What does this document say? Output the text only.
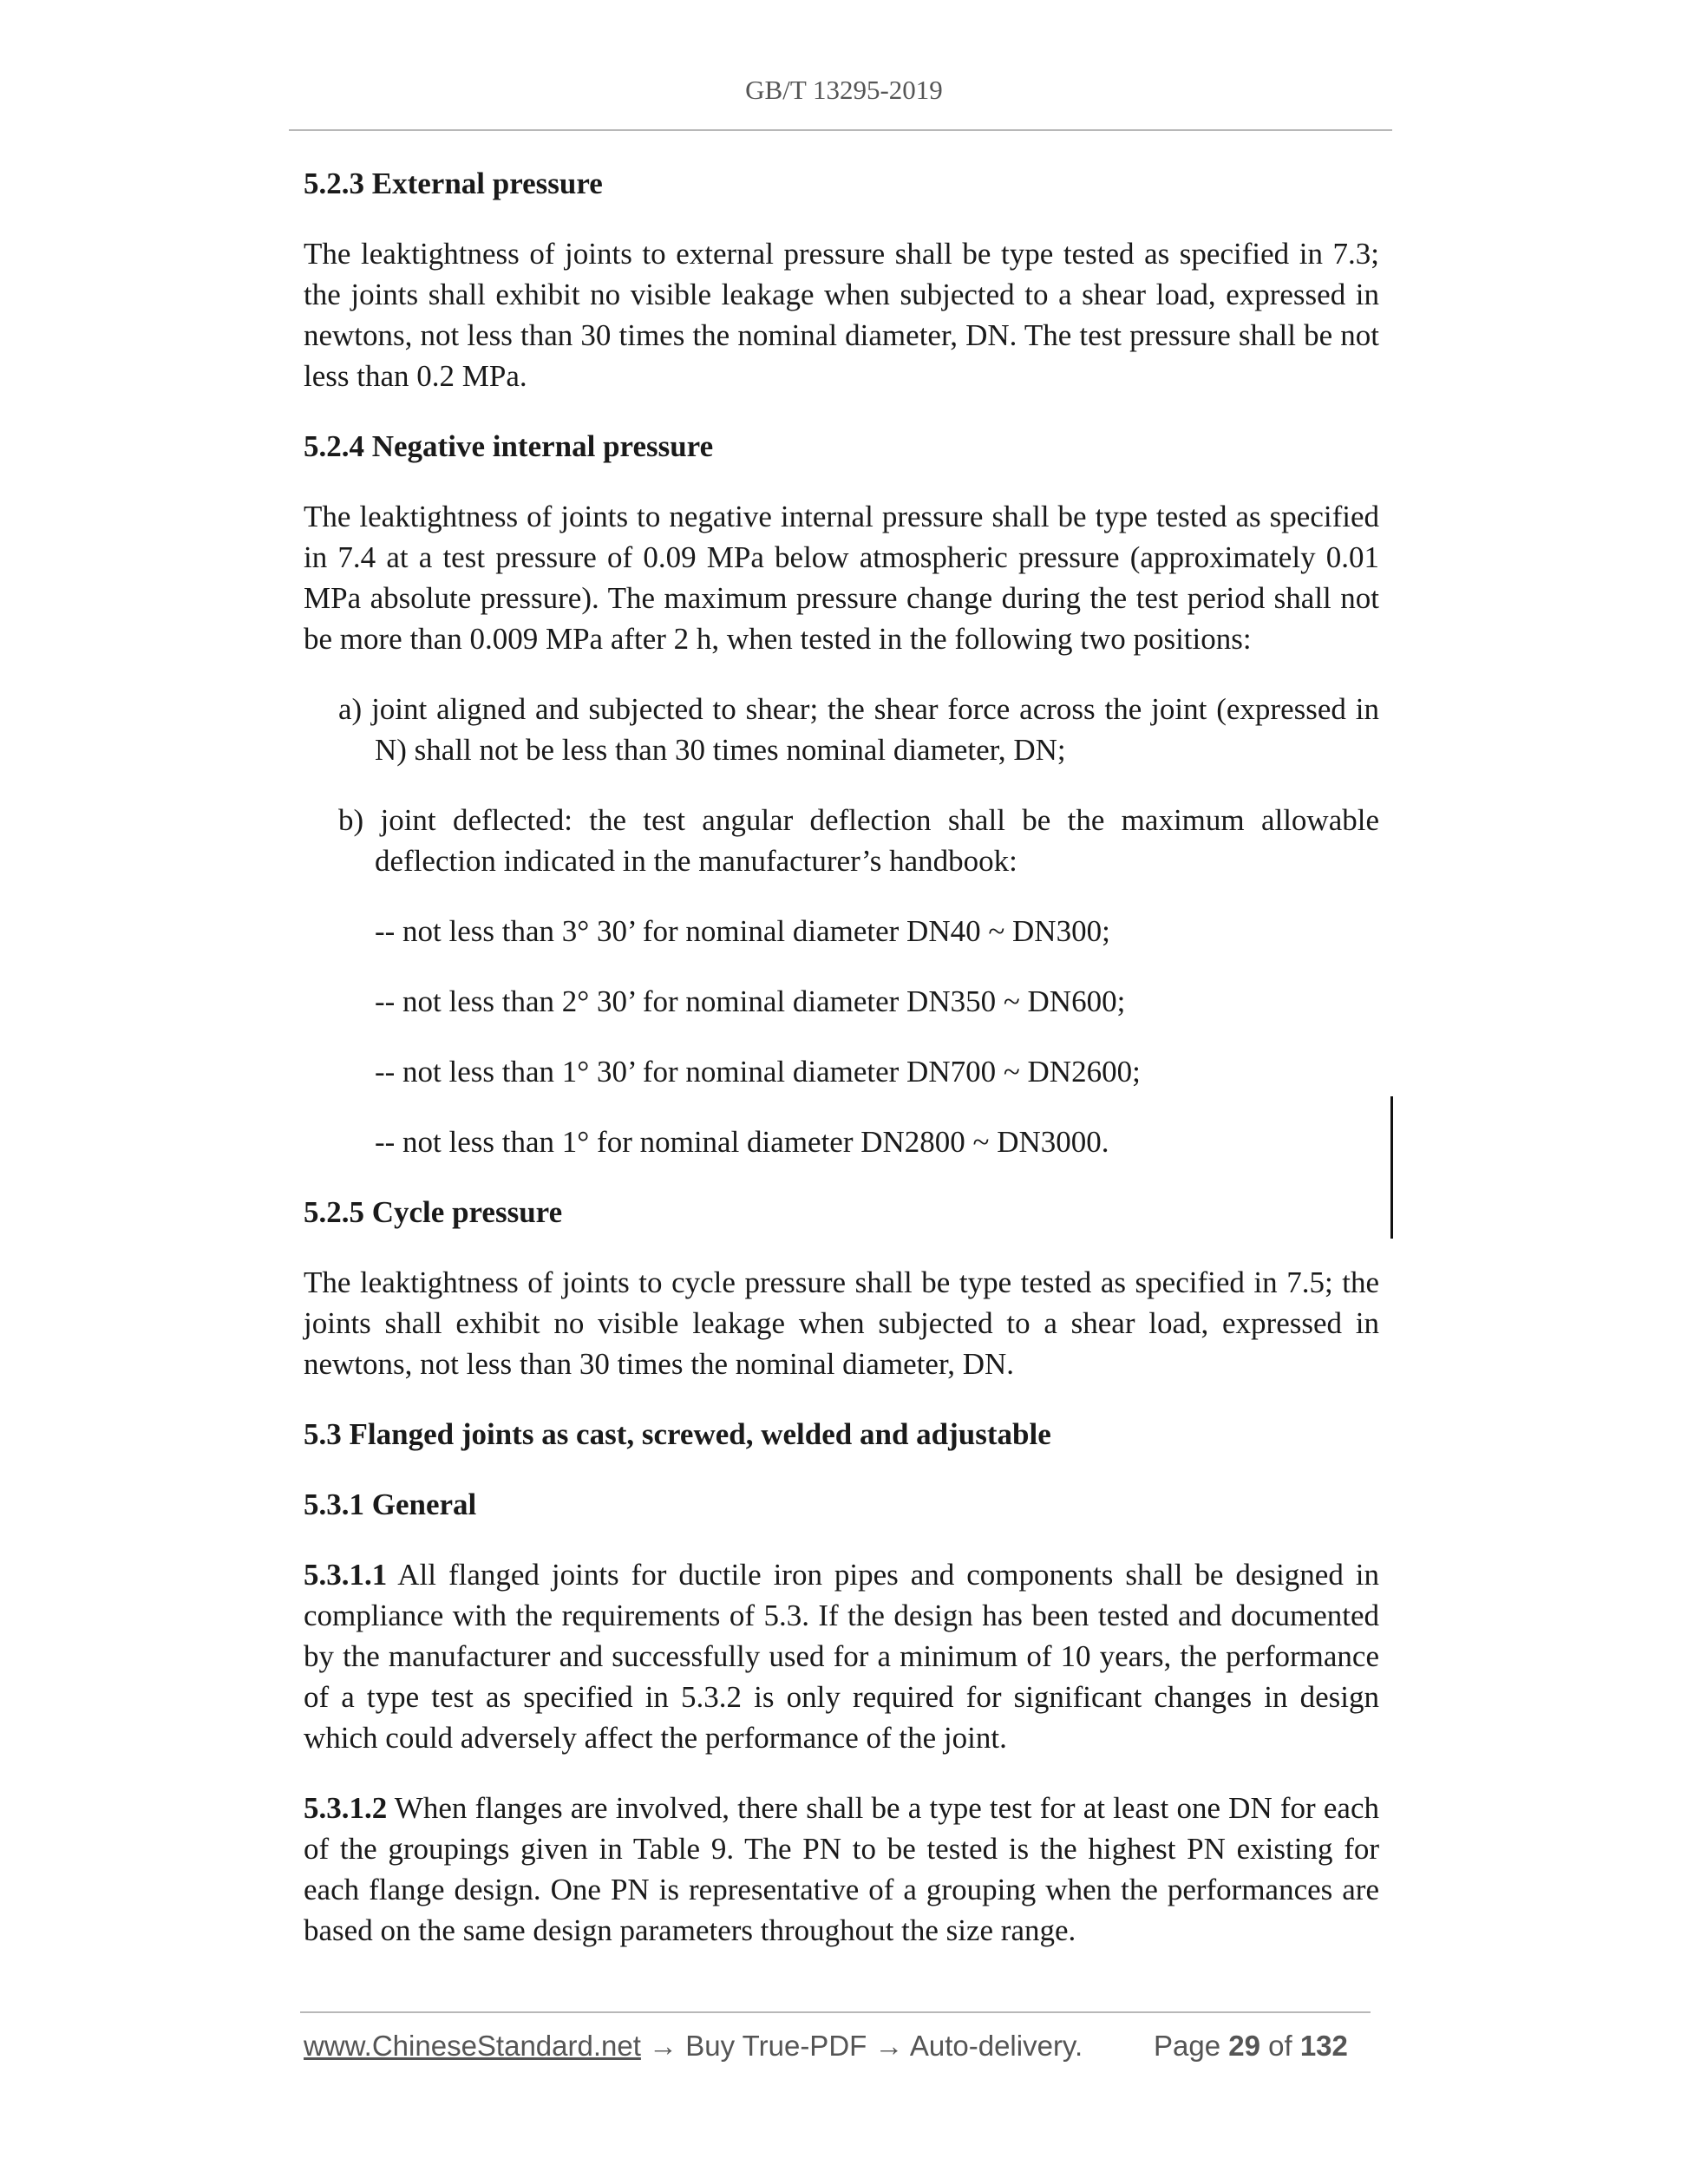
GB/T 13295-2019
5.2.3 External pressure
The leaktightness of joints to external pressure shall be type tested as specified in 7.3; the joints shall exhibit no visible leakage when subjected to a shear load, expressed in newtons, not less than 30 times the nominal diameter, DN. The test pressure shall be not less than 0.2 MPa.
5.2.4 Negative internal pressure
The leaktightness of joints to negative internal pressure shall be type tested as specified in 7.4 at a test pressure of 0.09 MPa below atmospheric pressure (approximately 0.01 MPa absolute pressure). The maximum pressure change during the test period shall not be more than 0.009 MPa after 2 h, when tested in the following two positions:
a) joint aligned and subjected to shear; the shear force across the joint (expressed in N) shall not be less than 30 times nominal diameter, DN;
b) joint deflected: the test angular deflection shall be the maximum allowable deflection indicated in the manufacturer’s handbook:
-- not less than 3° 30’ for nominal diameter DN40 ~ DN300;
-- not less than 2° 30’ for nominal diameter DN350 ~ DN600;
-- not less than 1° 30’ for nominal diameter DN700 ~ DN2600;
-- not less than 1° for nominal diameter DN2800 ~ DN3000.
5.2.5 Cycle pressure
The leaktightness of joints to cycle pressure shall be type tested as specified in 7.5; the joints shall exhibit no visible leakage when subjected to a shear load, expressed in newtons, not less than 30 times the nominal diameter, DN.
5.3 Flanged joints as cast, screwed, welded and adjustable
5.3.1 General
5.3.1.1 All flanged joints for ductile iron pipes and components shall be designed in compliance with the requirements of 5.3. If the design has been tested and documented by the manufacturer and successfully used for a minimum of 10 years, the performance of a type test as specified in 5.3.2 is only required for significant changes in design which could adversely affect the performance of the joint.
5.3.1.2 When flanges are involved, there shall be a type test for at least one DN for each of the groupings given in Table 9. The PN to be tested is the highest PN existing for each flange design. One PN is representative of a grouping when the performances are based on the same design parameters throughout the size range.
www.ChineseStandard.net → Buy True-PDF → Auto-delivery. Page 29 of 132
